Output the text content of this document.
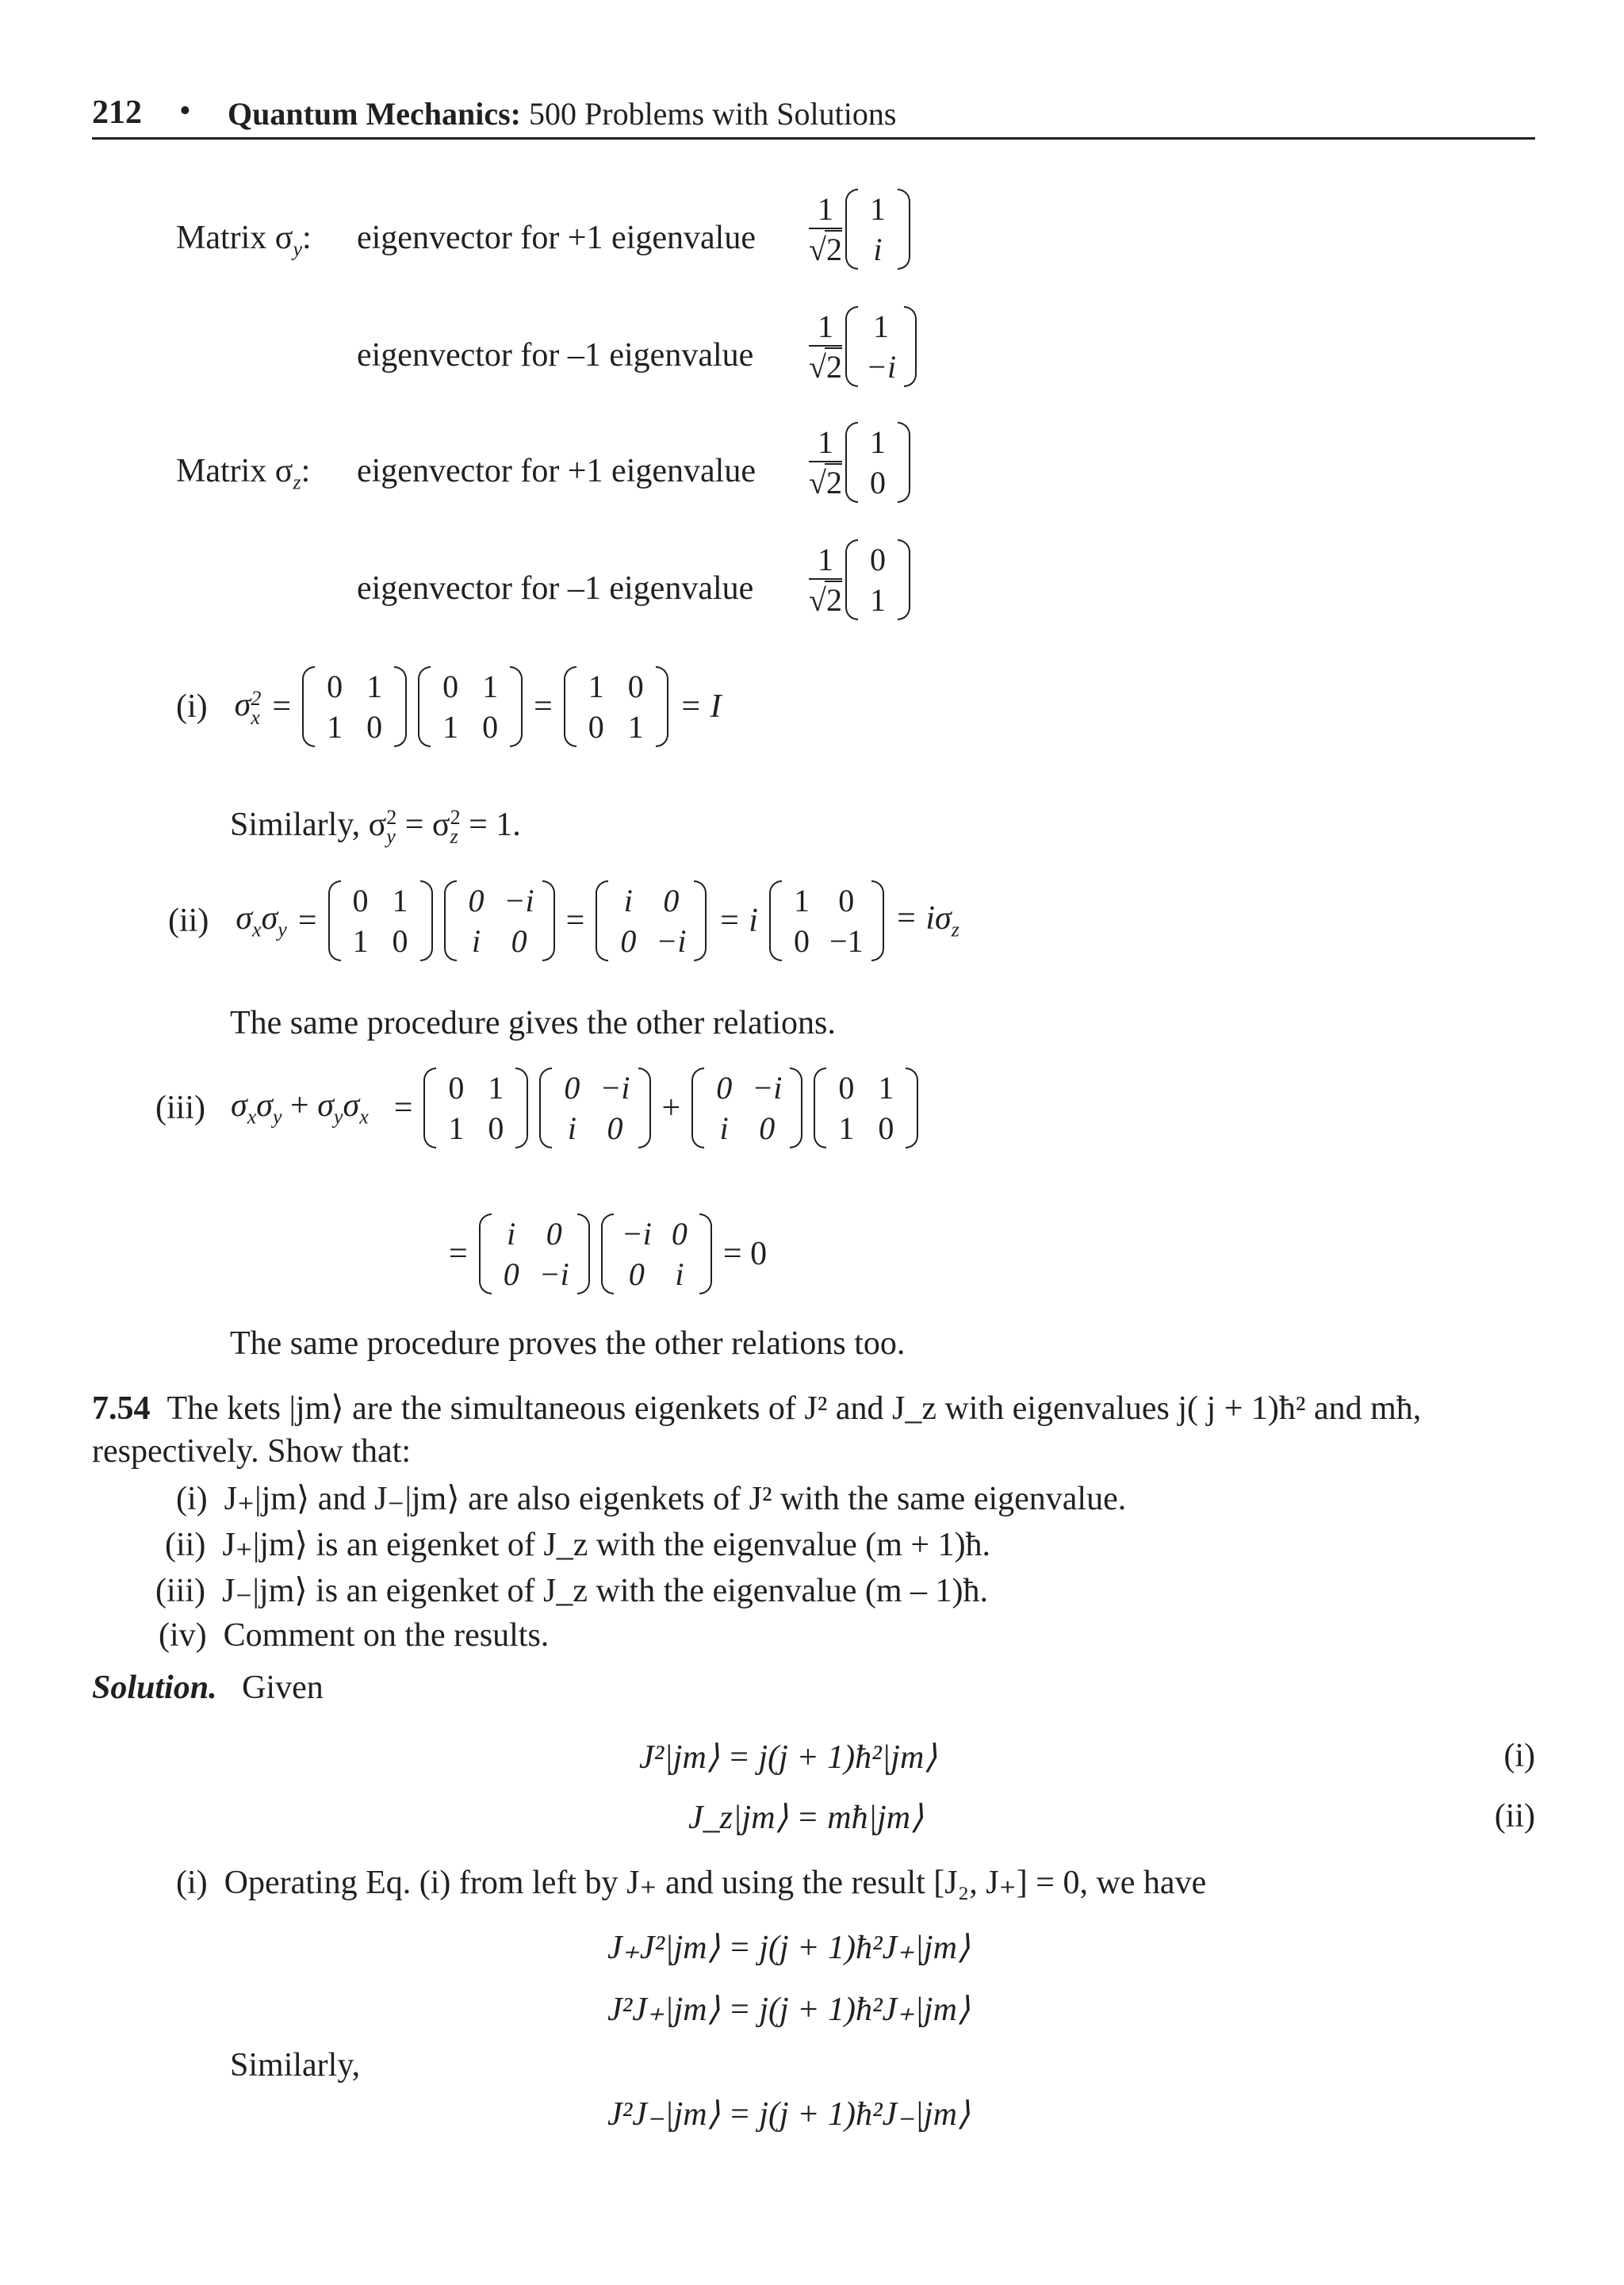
212 • Quantum Mechanics: 500 Problems with Solutions
Matrix $\sigma_y$: eigenvector for +1 eigenvalue $\frac{1}{√2}$
1
i
eigenvector for –1 eigenvalue $\frac{1}{√2}$
1
−i
Matrix $\sigma_z$: eigenvector for +1 eigenvalue $\frac{1}{√2}$
1
0
eigenvector for –1 eigenvalue $\frac{1}{√2}$
0
1
(i) σ 2
x =
0	1
1	0
0	1
1	0
=
1	0
0	1
= I
Similarly, σ 2
y = σ 2
z = 1.
(ii) $\sigma_x\sigma_y$ =
0	1
1	0
0	−i
i	0
=
i	0
0	−i
= i
1	0
0	−1
= $i\sigma_z$
The same procedure gives the other relations.
(iii) $\sigma_x\sigma_y + \sigma_y\sigma_x$ =
0	1
1	0
0	−i
i	0
+
0	−i
i	0
0	1
1	0
=
i	0
0	−i
−i	0
0	i
= 0
The same procedure proves the other relations too.
7.54 The kets |jm⟩ are the simultaneous eigenkets of J² and J_z with eigenvalues j( j + 1)ħ² and mħ,
respectively. Show that:
(i) J₊|jm⟩ and J₋|jm⟩ are also eigenkets of J² with the same eigenvalue.
(ii) J₊|jm⟩ is an eigenket of J_z with the eigenvalue (m + 1)ħ.
(iii) J₋|jm⟩ is an eigenket of J_z with the eigenvalue (m – 1)ħ.
(iv) Comment on the results.
Solution. Given
J²|jm⟩ = j(j + 1)ħ²|jm⟩	(i)
J_z|jm⟩ = mħ|jm⟩	(ii)
(i) Operating Eq. (i) from left by J₊ and using the result [J₂, J₊] = 0, we have
J₊J²|jm⟩ = j(j + 1)ħ²J₊|jm⟩
J²J₊|jm⟩ = j(j + 1)ħ²J₊|jm⟩
Similarly,
J²J₋|jm⟩ = j(j + 1)ħ²J₋|jm⟩
